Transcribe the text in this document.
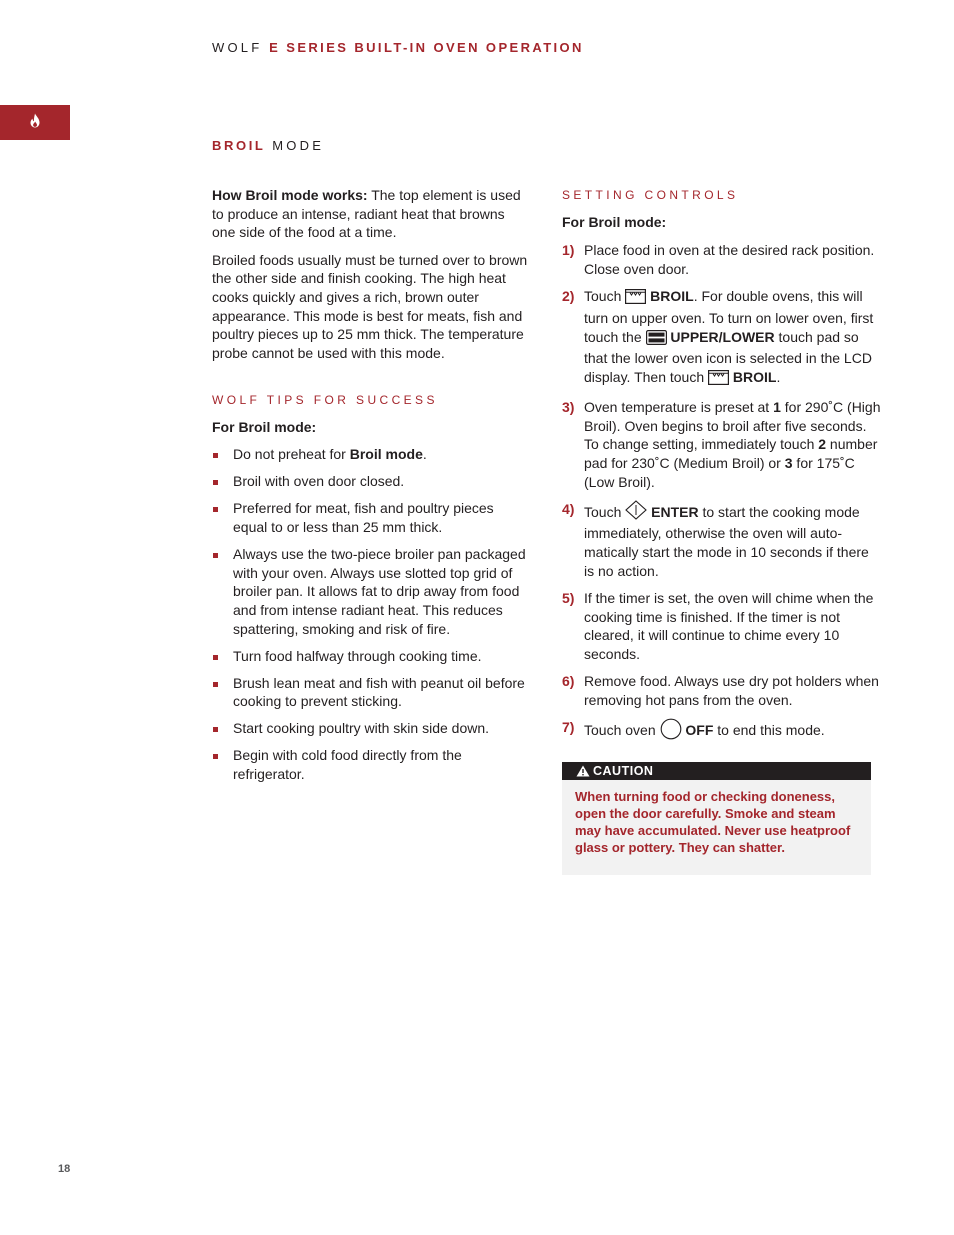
WOLF E SERIES BUILT-IN OVEN OPERATION
BROIL MODE

How Broil mode works: The top element is used to produce an intense, radiant heat that browns one side of the food at a time.

Broiled foods usually must be turned over to brown the other side and finish cooking. The high heat cooks quickly and gives a rich, brown outer appearance. This mode is best for meats, fish and poultry pieces up to 25 mm thick. The temperature probe cannot be used with this mode.

WOLF TIPS FOR SUCCESS

For Broil mode:

Do not preheat for Broil mode.
Broil with oven door closed.
Preferred for meat, fish and poultry pieces equal to or less than 25 mm thick.
Always use the two-piece broiler pan packaged with your oven. Always use slotted top grid of broiler pan. It allows fat to drip away from food and from intense radiant heat. This reduces spattering, smoking and risk of fire.
Turn food halfway through cooking time.
Brush lean meat and fish with peanut oil before cooking to prevent sticking.
Start cooking poultry with skin side down.
Begin with cold food directly from the refrigerator.
SETTING CONTROLS

For Broil mode:

1) Place food in oven at the desired rack position. Close oven door.
2) Touch  BROIL. For double ovens, this will turn on upper oven. To turn on lower oven, first touch the  UPPER/LOWER touch pad so that the lower oven icon is selected in the LCD display. Then touch  BROIL.
3) Oven temperature is preset at 1 for 290˚C (High Broil). Oven begins to broil after five seconds. To change setting, immediately touch 2 number pad for 230˚C (Medium Broil) or 3 for 175˚C (Low Broil).
4) Touch  ENTER to start the cooking mode immediately, otherwise the oven will auto-matically start the mode in 10 seconds if there is no action.
5) If the timer is set, the oven will chime when the cooking time is finished. If the timer is not cleared, it will continue to chime every 10 seconds.
6) Remove food. Always use dry pot holders when removing hot pans from the oven.
7) Touch oven  OFF to end this mode.
CAUTION
When turning food or checking doneness, open the door carefully. Smoke and steam may have accumulated. Never use heatproof glass or pottery. They can shatter.
18
